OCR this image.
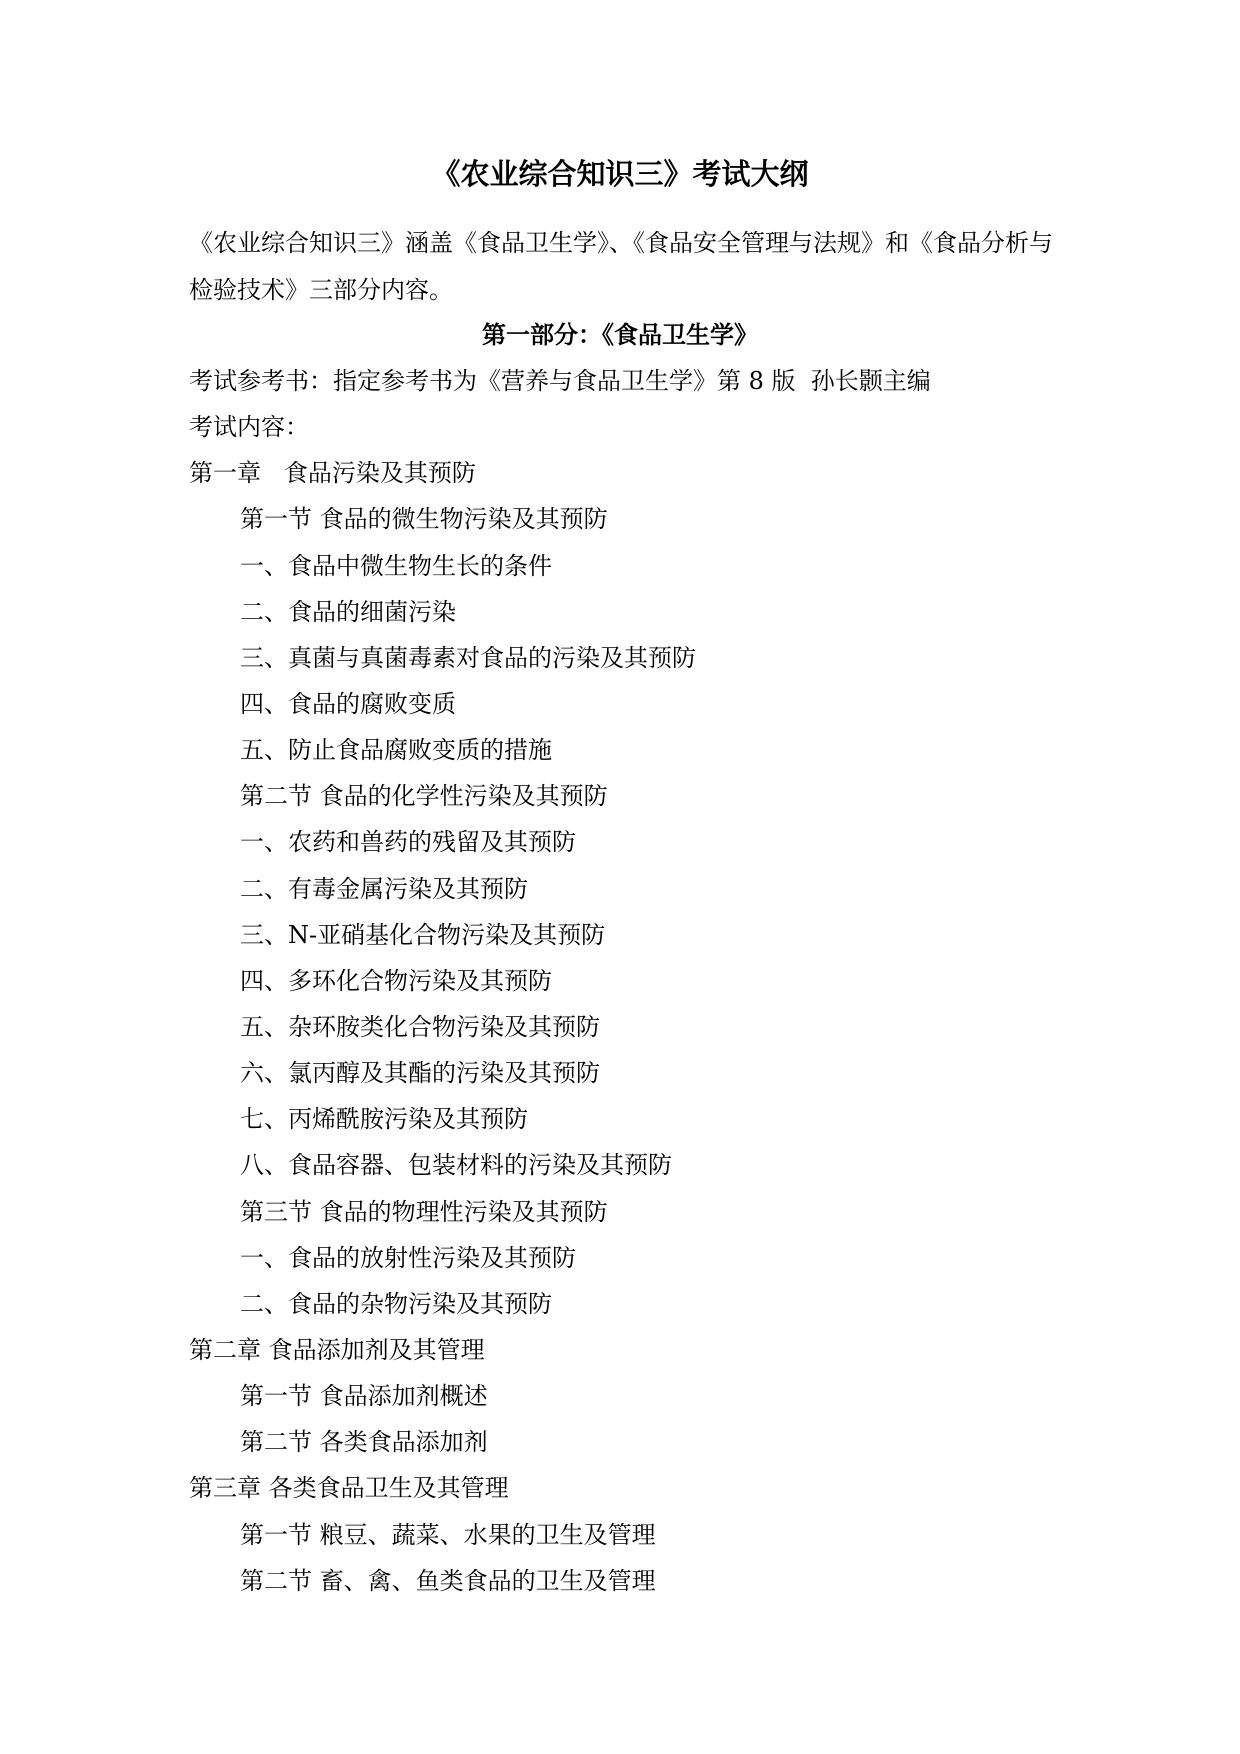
《农业综合知识三》考试大纲
《农业综合知识三》涵盖《食品卫生学》、《食品安全管理与法规》和《食品分析与检验技术》三部分内容。
第一部分：《食品卫生学》
考试参考书：指定参考书为《营养与食品卫生学》第 8 版  孙长颢主编
考试内容：
第一章   食品污染及其预防
第一节 食品的微生物污染及其预防
一、食品中微生物生长的条件
二、食品的细菌污染
三、真菌与真菌毒素对食品的污染及其预防
四、食品的腐败变质
五、防止食品腐败变质的措施
第二节 食品的化学性污染及其预防
一、农药和兽药的残留及其预防
二、有毒金属污染及其预防
三、N-亚硝基化合物污染及其预防
四、多环化合物污染及其预防
五、杂环胺类化合物污染及其预防
六、氯丙醇及其酯的污染及其预防
七、丙烯酰胺污染及其预防
八、食品容器、包装材料的污染及其预防
第三节 食品的物理性污染及其预防
一、食品的放射性污染及其预防
二、食品的杂物污染及其预防
第二章 食品添加剂及其管理
第一节 食品添加剂概述
第二节 各类食品添加剂
第三章 各类食品卫生及其管理
第一节 粮豆、蔬菜、水果的卫生及管理
第二节 畜、禽、鱼类食品的卫生及管理
